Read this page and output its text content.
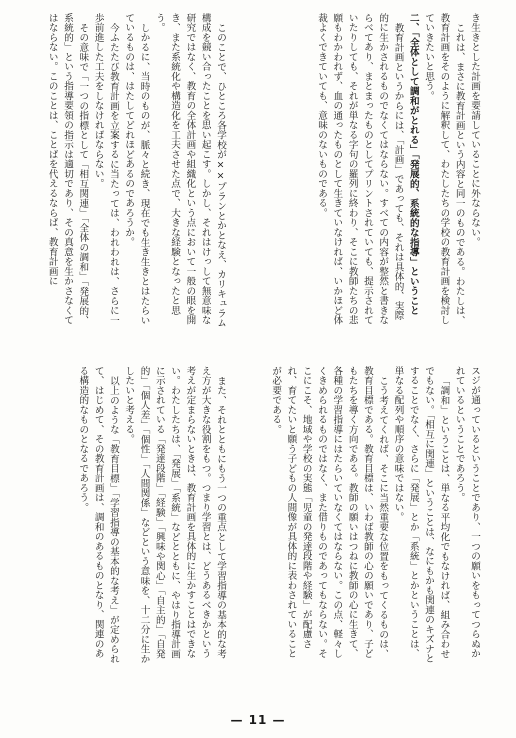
き生きとした計画を要請していることに外ならない。

これは、まさに教育計画という内容と同一のものである。わたしは、教育計画をそのように解釈して、わたしたちの学校の教育計画を検討していきたいと思う。

二、「全体として調和がとれる」「発展的、系統的な指導」ということ

教育計画というからには、「計画」であっても、それは具体的、実際的に生かされるものでなくてはならない。すべての内容が整然と書きならべてあり、まとまったものとしてプリントされていても、提示されていたりしても、それが単なる字句の羅列に終わり、そこに教師たちの悲願もわかわれず、血の通ったものとして生きていなければ、いかほど体裁よくできていても、意味のないものである。

このことで、ひところ各学校が××プランとかとなえ、カリキュラム構成を競い合ったことを思い起こす。しかし、それはけっして無意味な研究ではなく、教育の全体計画や組織化という点において一般の眼を開き、また系統化や構造化を工夫させた点で、大きな経験となったと思う。

しかるに、当時のものが、脈々と続き、現在でも生き生きとはたらいているものは、はたしてどれほどあるのであろうか。

今ふたたび教育計画を立案するに当たっては、われわれは、さらに一歩前進した工夫をしなければならない。

その意味で「一つの指標として「相互関連」「全体の調和」「発展的、系統的」という指導要領の指示は適切であり、その真意を生かさなくてはならない。このことは、ことばを代えるならば、教育計画に

スジが通っているということであり、一つの願いをもってつらぬかれているということであろう。

「調和」ということは、単なる平均化でもなければ、組み合わせでもない。「相互に関連」ということは、なにもかも関連のキズナとすることでなく、さらに「発展」とか「系統」とかということは、単なる配列や順序の意味ではない。

こう考えてくれば、そこに当然重要な位置をもってくるものは、教育目標である。教育目標は、いわば教師の心の願いであり、子どもたちを導く方向である。教師の願いはつねに教師の心に生きて、各種の学習指導にはたらいていなくてはならない。この点、軽々しくきめられるものではなく、また借りものであってもならない。そこにこそ、地域や学校の実態「児童の発達段階や経験」が配慮され、育てたいと願う子どもの人間像が具体的に表わされていることが必要である。

また、それとともにもう一つの重点として学習指導の基本的な考え方が大きな役割をもつ。つまり学習とは、どうあるべきかという考えが定まらないときは、教育計画を具体的に生かすことはできない。わたしたちは、「発展」「系統」などとともに、やはり指導計画に示されている「発達段階」「経験」「興味や関心」「自主的」「自発的」「個人差」「個性」「人間関係」などという意味を、十二分に生かしたいと考える。

以上のような「教育目標」「学習指導の基本的な考え」が定められて、はじめて、その教育計画は、調和のあるものとなり、関連のある構造的なものとなるであろう。

— 11 —
